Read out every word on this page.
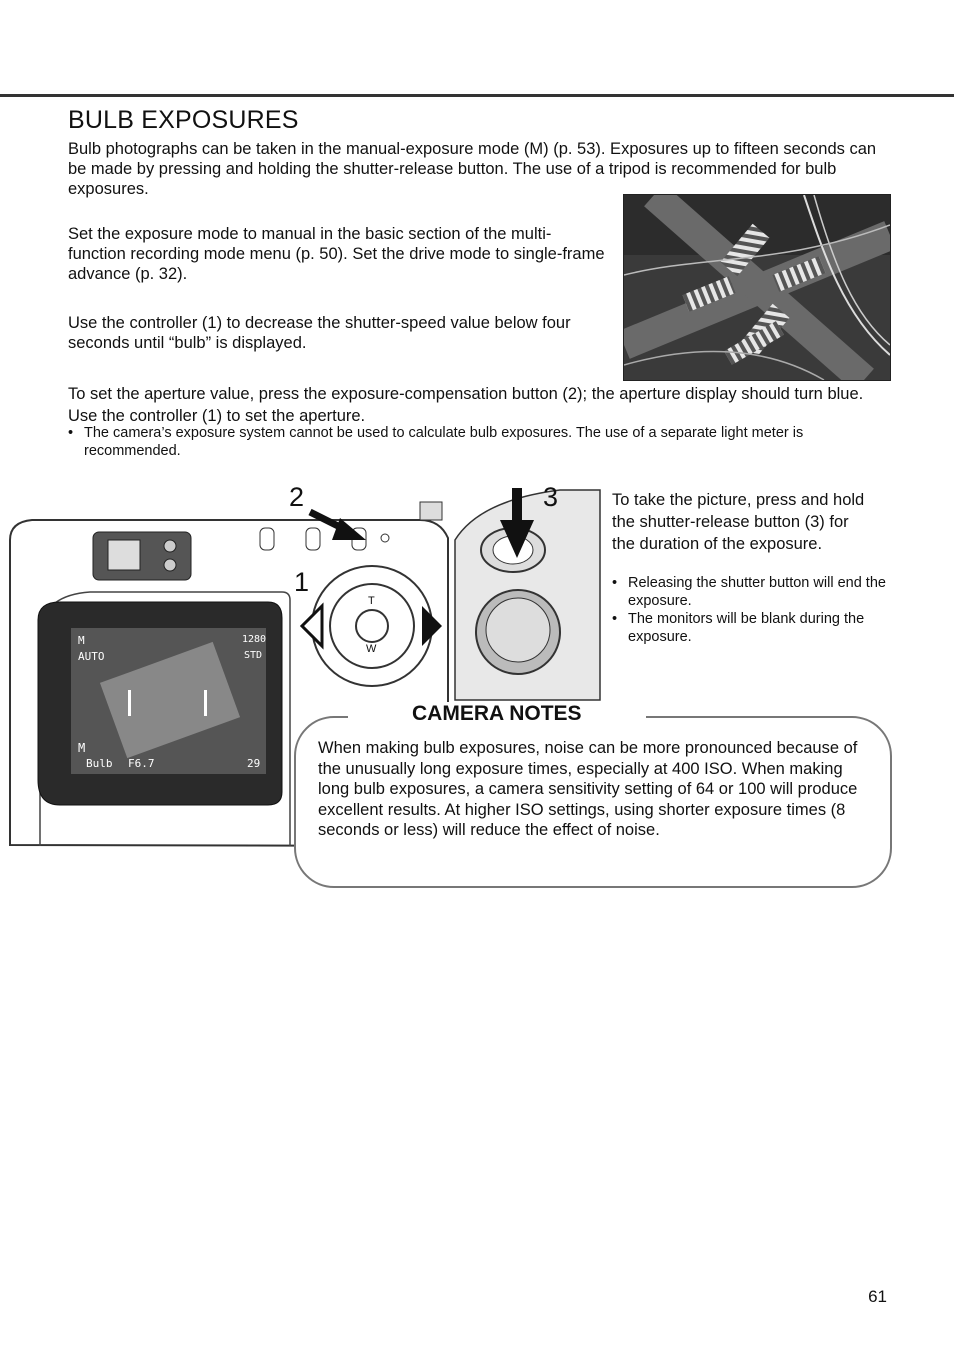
BULB EXPOSURES

Bulb photographs can be taken in the manual-exposure mode (M) (p. 53). Exposures up to fifteen seconds can be made by pressing and holding the shutter-release button. The use of a tripod is recommended for bulb exposures.

Set the exposure mode to manual in the basic section of the multi-function recording mode menu (p. 50). Set the drive mode to single-frame advance (p. 32).

Use the controller (1) to decrease the shutter-speed value below four seconds until “bulb” is displayed.

To set the aperture value, press the exposure-compensation button (2); the aperture display should turn blue. Use the controller (1) to set the aperture.

• The camera’s exposure system cannot be used to calculate bulb exposures. The use of a separate light meter is recommended.
M
AUTO
1280
STD
M
Bulb F6.7	29
T
W
1
2	3	To take the picture, press and hold the shutter-release button (3) for the duration of the exposure.

• Releasing the shutter button will end the exposure.
• The monitors will be blank during the exposure.
CAMERA NOTES

When making bulb exposures, noise can be more pronounced because of the unusually long exposure times, especially at 400 ISO. When making long bulb exposures, a camera sensitivity setting of 64 or 100 will produce excellent results. At higher ISO settings, using shorter exposure times (8 seconds or less) will reduce the effect of noise.

61
